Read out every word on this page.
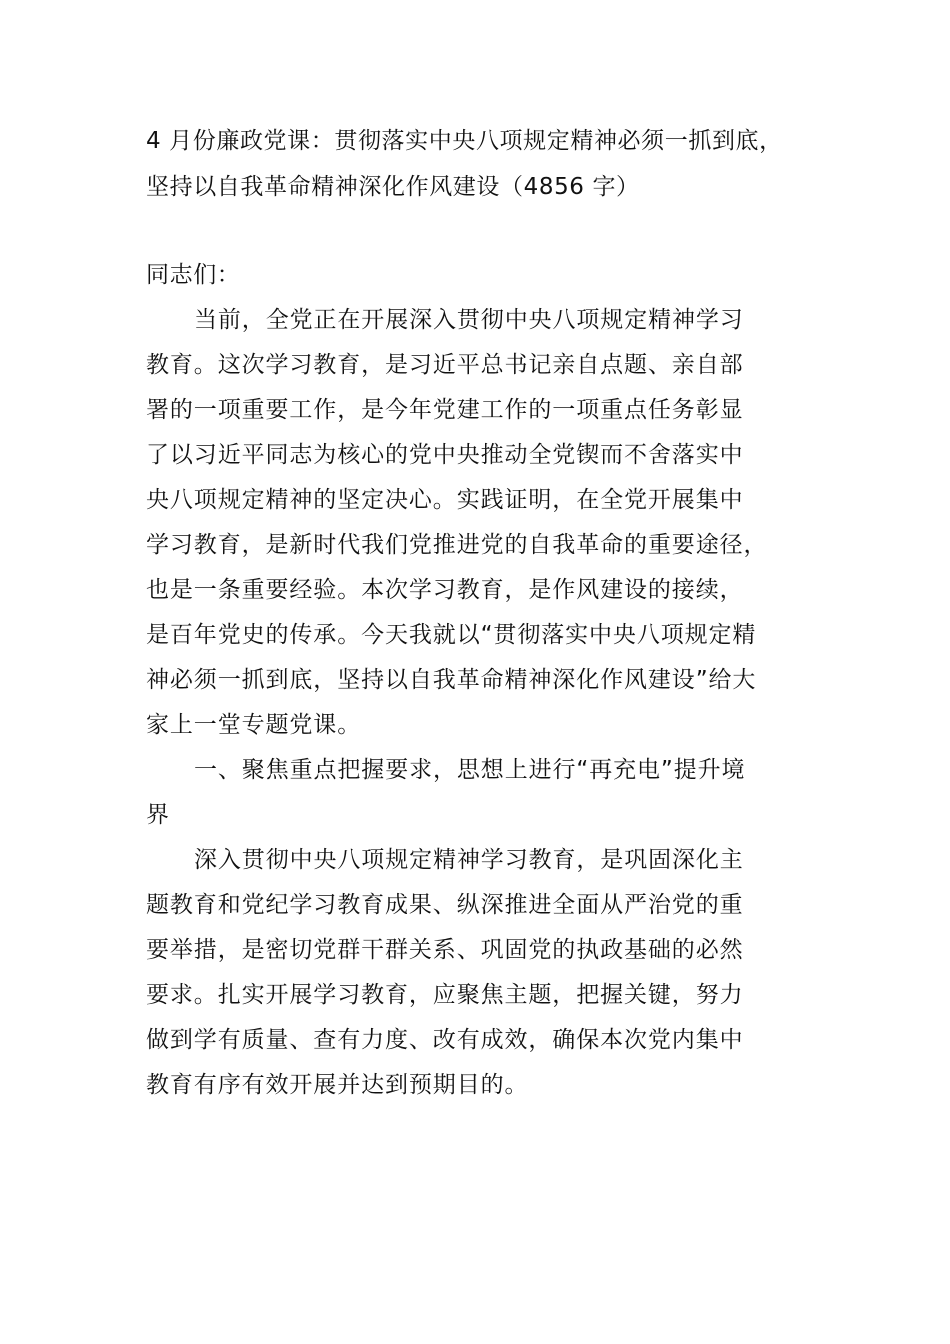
4 月份廉政党课：贯彻落实中央八项规定精神必须一抓到底，
坚持以自我革命精神深化作风建设（4856 字）
同志们：
当前，全党正在开展深入贯彻中央八项规定精神学习
教育。这次学习教育，是习近平总书记亲自点题、亲自部
署的一项重要工作，是今年党建工作的一项重点任务彰显
了以习近平同志为核心的党中央推动全党锲而不舍落实中
央八项规定精神的坚定决心。实践证明，在全党开展集中
学习教育，是新时代我们党推进党的自我革命的重要途径，
也是一条重要经验。本次学习教育，是作风建设的接续，
是百年党史的传承。今天我就以“贯彻落实中央八项规定精
神必须一抓到底，坚持以自我革命精神深化作风建设”给大
家上一堂专题党课。
一、聚焦重点把握要求，思想上进行“再充电”提升境
界
深入贯彻中央八项规定精神学习教育，是巩固深化主
题教育和党纪学习教育成果、纵深推进全面从严治党的重
要举措，是密切党群干群关系、巩固党的执政基础的必然
要求。扎实开展学习教育，应聚焦主题，把握关键，努力
做到学有质量、查有力度、改有成效，确保本次党内集中
教育有序有效开展并达到预期目的。
